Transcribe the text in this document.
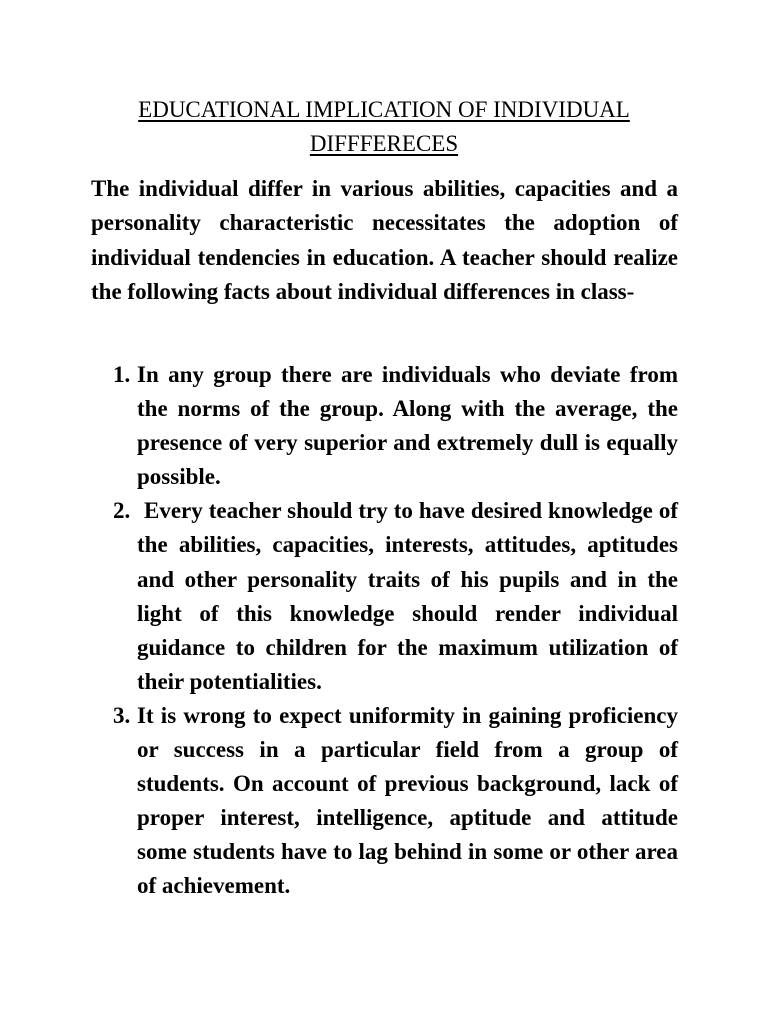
EDUCATIONAL IMPLICATION OF INDIVIDUAL
DIFFFERECES

The individual differ in various abilities, capacities and a personality characteristic necessitates the adoption of individual tendencies in education. A teacher should realize the following facts about individual differences in class-

1. In any group there are individuals who deviate from the norms of the group. Along with the average, the presence of very superior and extremely dull is equally possible.
2. Every teacher should try to have desired knowledge of the abilities, capacities, interests, attitudes, aptitudes and other personality traits of his pupils and in the light of this knowledge should render individual guidance to children for the maximum utilization of their potentialities.
3. It is wrong to expect uniformity in gaining proficiency or success in a particular field from a group of students. On account of previous background, lack of proper interest, intelligence, aptitude and attitude some students have to lag behind in some or other area of achievement.
